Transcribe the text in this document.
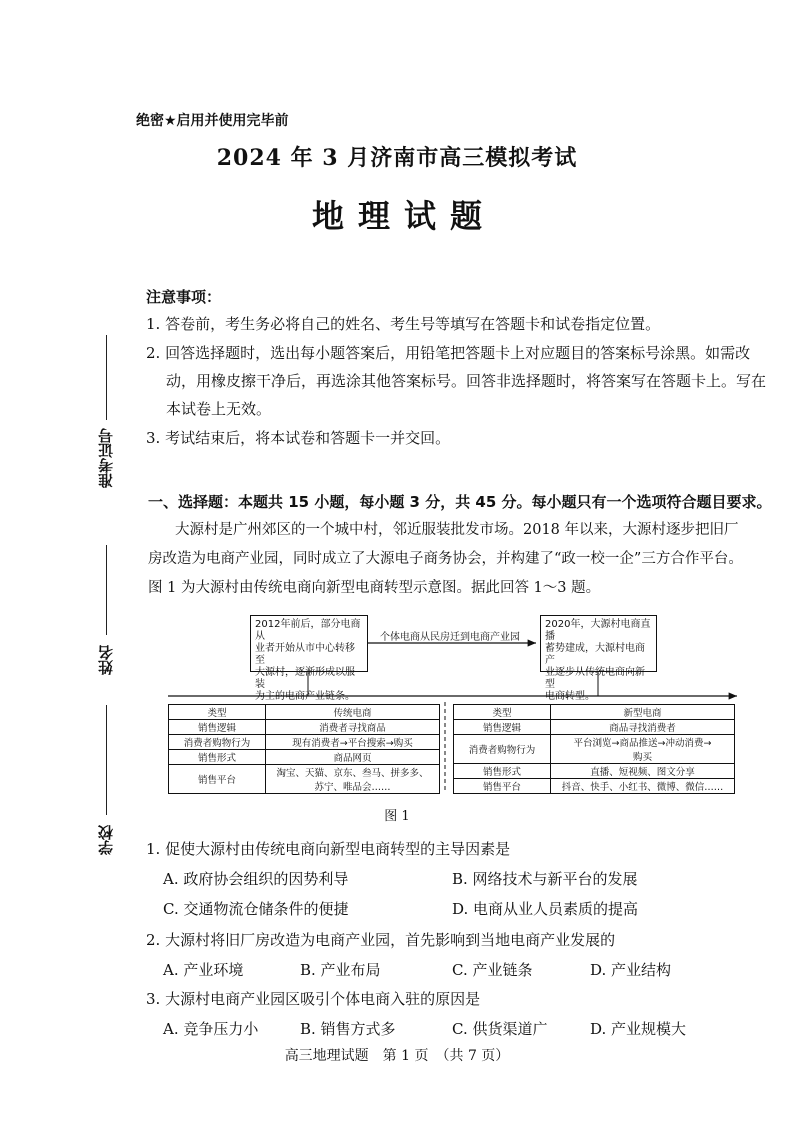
绝密★启用并使用完毕前
2024 年 3 月济南市高三模拟考试
地理试题
注意事项：
1. 答卷前，考生务必将自己的姓名、考生号等填写在答题卡和试卷指定位置。
2. 回答选择题时，选出每小题答案后，用铅笔把答题卡上对应题目的答案标号涂黑。如需改
动，用橡皮擦干净后，再选涂其他答案标号。回答非选择题时，将答案写在答题卡上。写在
本试卷上无效。
3. 考试结束后，将本试卷和答题卡一并交回。
准考证号
姓名
学校
一、选择题：本题共 15 小题，每小题 3 分，共 45 分。每小题只有一个选项符合题目要求。
大源村是广州郊区的一个城中村，邻近服装批发市场。2018 年以来，大源村逐步把旧厂
房改造为电商产业园，同时成立了大源电子商务协会，并构建了“政一校一企”三方合作平台。
图 1 为大源村由传统电商向新型电商转型示意图。据此回答 1～3 题。
2012年前后，部分电商从
业者开始从市中心转移至
大源村，逐渐形成以服装
为主的电商产业链条。
个体电商从民房迁到电商产业园
2020年，大源村电商直播
蓄势建成，大源村电商产
业逐步从传统电商向新型
电商转型。
类型	传统电商
销售逻辑	消费者寻找商品
消费者购物行为	现有消费者→平台搜索→购买
销售形式	商品网页
销售平台	淘宝、天猫、京东、叁马、拼多多、
	苏宁、唯品会……
类型	新型电商
销售逻辑	商品寻找消费者
消费者购物行为	平台浏览→商品推送→冲动消费→
	购买
销售形式	直播、短视频、图文分享
销售平台	抖音、快手、小红书、微博、微信……
图 1
1. 促使大源村由传统电商向新型电商转型的主导因素是
A. 政府协会组织的因势利导	B. 网络技术与新平台的发展
C. 交通物流仓储条件的便捷	D. 电商从业人员素质的提高
2. 大源村将旧厂房改造为电商产业园，首先影响到当地电商产业发展的
A. 产业环境	B. 产业布局	C. 产业链条	D. 产业结构
3. 大源村电商产业园区吸引个体电商入驻的原因是
A. 竞争压力小	B. 销售方式多	C. 供货渠道广	D. 产业规模大
高三地理试题　第 1 页　（共 7 页）
